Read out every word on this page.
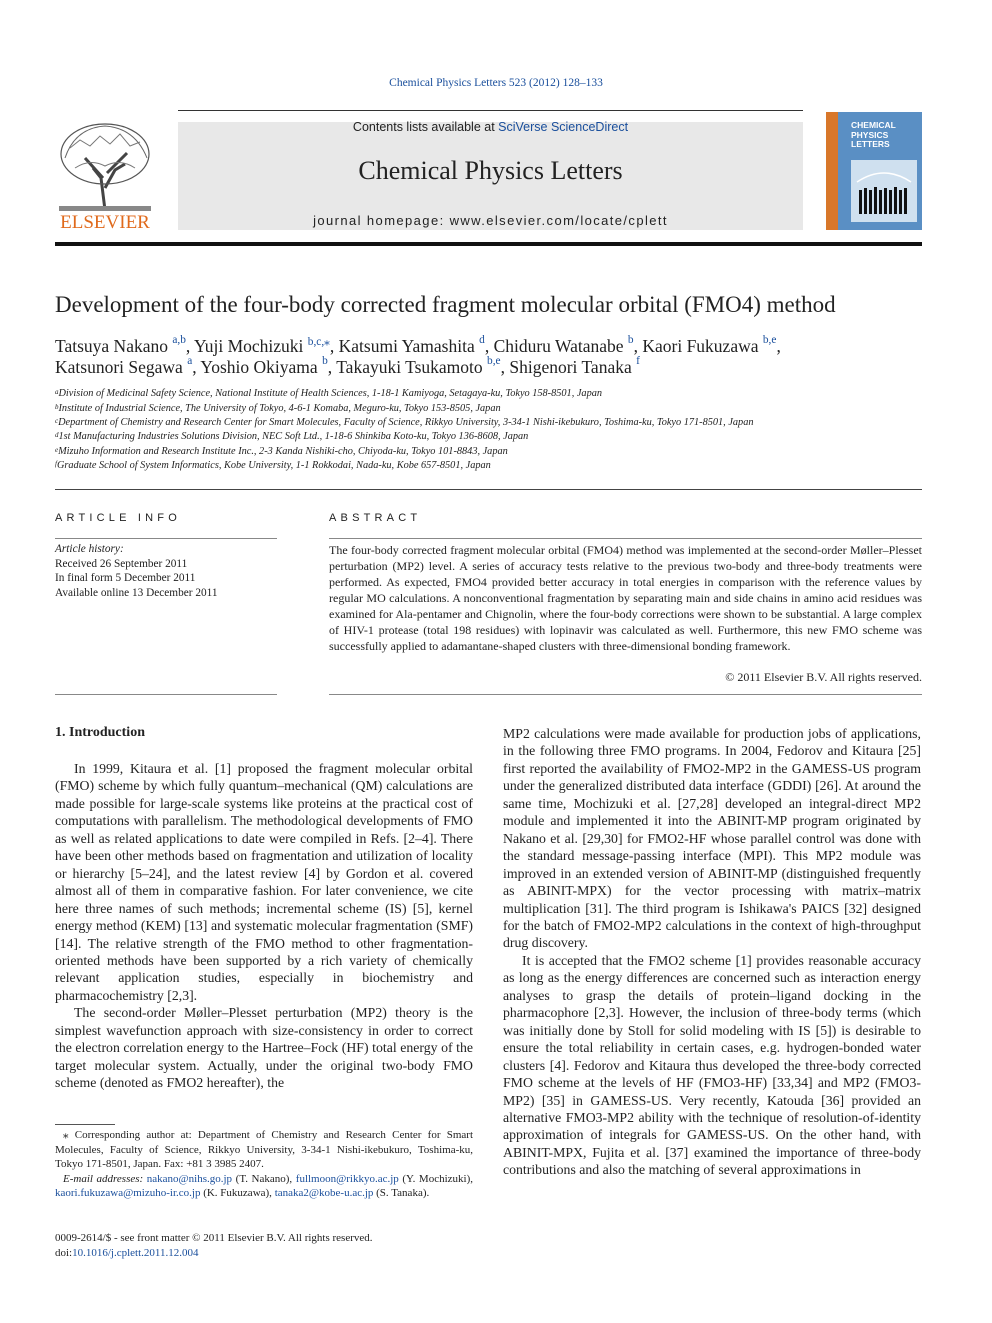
Chemical Physics Letters 523 (2012) 128–133
ELSEVIER
Contents lists available at SciVerse ScienceDirect
Chemical Physics Letters
journal homepage: www.elsevier.com/locate/cplett
CHEMICAL
PHYSICS
LETTERS
Development of the four-body corrected fragment molecular orbital (FMO4) method
Tatsuya Nakano $^{a,b}$, Yuji Mochizuki $^{b,c,⁎}$, Katsumi Yamashita $^d$, Chiduru Watanabe $^b$, Kaori Fukuzawa $^{b,e}$,
Katsunori Segawa $^a$, Yoshio Okiyama $^b$, Takayuki Tsukamoto $^{b,e}$, Shigenori Tanaka $^f$
$^a$Division of Medicinal Safety Science, National Institute of Health Sciences, 1-18-1 Kamiyoga, Setagaya-ku, Tokyo 158-8501, Japan
$^b$Institute of Industrial Science, The University of Tokyo, 4-6-1 Komaba, Meguro-ku, Tokyo 153-8505, Japan
$^c$Department of Chemistry and Research Center for Smart Molecules, Faculty of Science, Rikkyo University, 3-34-1 Nishi-ikebukuro, Toshima-ku, Tokyo 171-8501, Japan
$^d$1st Manufacturing Industries Solutions Division, NEC Soft Ltd., 1-18-6 Shinkiba Koto-ku, Tokyo 136-8608, Japan
$^e$Mizuho Information and Research Institute Inc., 2-3 Kanda Nishiki-cho, Chiyoda-ku, Tokyo 101-8843, Japan
$^f$Graduate School of System Informatics, Kobe University, 1-1 Rokkodai, Nada-ku, Kobe 657-8501, Japan
ARTICLE INFO
Article history:
Received 26 September 2011
In final form 5 December 2011
Available online 13 December 2011
ABSTRACT
The four-body corrected fragment molecular orbital (FMO4) method was implemented at the second-order Møller–Plesset perturbation (MP2) level. A series of accuracy tests relative to the previous two-body and three-body treatments were performed. As expected, FMO4 provided better accuracy in total energies in comparison with the reference values by regular MO calculations. A nonconventional fragmentation by separating main and side chains in amino acid residues was examined for Ala-pentamer and Chignolin, where the four-body corrections were shown to be substantial. A large complex of HIV-1 protease (total 198 residues) with lopinavir was calculated as well. Furthermore, this new FMO scheme was successfully applied to adamantane-shaped clusters with three-dimensional bonding framework.
© 2011 Elsevier B.V. All rights reserved.
1. Introduction

In 1999, Kitaura et al. [1] proposed the fragment molecular orbital (FMO) scheme by which fully quantum–mechanical (QM) calculations are made possible for large-scale systems like proteins at the practical cost of computations with parallelism. The methodological developments of FMO as well as related applications to date were compiled in Refs. [2–4]. There have been other methods based on fragmentation and utilization of locality or hierarchy [5–24], and the latest review [4] by Gordon et al. covered almost all of them in comparative fashion. For later convenience, we cite here three names of such methods; incremental scheme (IS) [5], kernel energy method (KEM) [13] and systematic molecular fragmentation (SMF) [14]. The relative strength of the FMO method to other fragmentation-oriented methods have been supported by a rich variety of chemically relevant application studies, especially in biochemistry and pharmacochemistry [2,3].

The second-order Møller–Plesset perturbation (MP2) theory is the simplest wavefunction approach with size-consistency in order to correct the electron correlation energy to the Hartree–Fock (HF) total energy of the target molecular system. Actually, under the original two-body FMO scheme (denoted as FMO2 hereafter), the

MP2 calculations were made available for production jobs of applications, in the following three FMO programs. In 2004, Fedorov and Kitaura [25] first reported the availability of FMO2-MP2 in the GAMESS-US program under the generalized distributed data interface (GDDI) [26]. At around the same time, Mochizuki et al. [27,28] developed an integral-direct MP2 module and implemented it into the ABINIT-MP program originated by Nakano et al. [29,30] for FMO2-HF whose parallel control was done with the standard message-passing interface (MPI). This MP2 module was improved in an extended version of ABINIT-MP (distinguished frequently as ABINIT-MPX) for the vector processing with matrix–matrix multiplication [31]. The third program is Ishikawa's PAICS [32] designed for the batch of FMO2-MP2 calculations in the context of high-throughput drug discovery.

It is accepted that the FMO2 scheme [1] provides reasonable accuracy as long as the energy differences are concerned such as interaction energy analyses to grasp the details of protein–ligand docking in the pharmacophore [2,3]. However, the inclusion of three-body terms (which was initially done by Stoll for solid modeling with IS [5]) is desirable to ensure the total reliability in certain cases, e.g. hydrogen-bonded water clusters [4]. Fedorov and Kitaura thus developed the three-body corrected FMO scheme at the levels of HF (FMO3-HF) [33,34] and MP2 (FMO3-MP2) [35] in GAMESS-US. Very recently, Katouda [36] provided an alternative FMO3-MP2 ability with the technique of resolution-of-identity approximation of integrals for GAMESS-US. On the other hand, with ABINIT-MPX, Fujita et al. [37] examined the importance of three-body contributions and also the matching of several approximations in

⁎ Corresponding author at: Department of Chemistry and Research Center for Smart Molecules, Faculty of Science, Rikkyo University, 3-34-1 Nishi-ikebukuro, Toshima-ku, Tokyo 171-8501, Japan. Fax: +81 3 3985 2407.

E-mail addresses: nakano@nihs.go.jp (T. Nakano), fullmoon@rikkyo.ac.jp (Y. Mochizuki), kaori.fukuzawa@mizuho-ir.co.jp (K. Fukuzawa), tanaka2@kobe-u.ac.jp (S. Tanaka).

0009-2614/$ - see front matter © 2011 Elsevier B.V. All rights reserved.
doi:10.1016/j.cplett.2011.12.004
